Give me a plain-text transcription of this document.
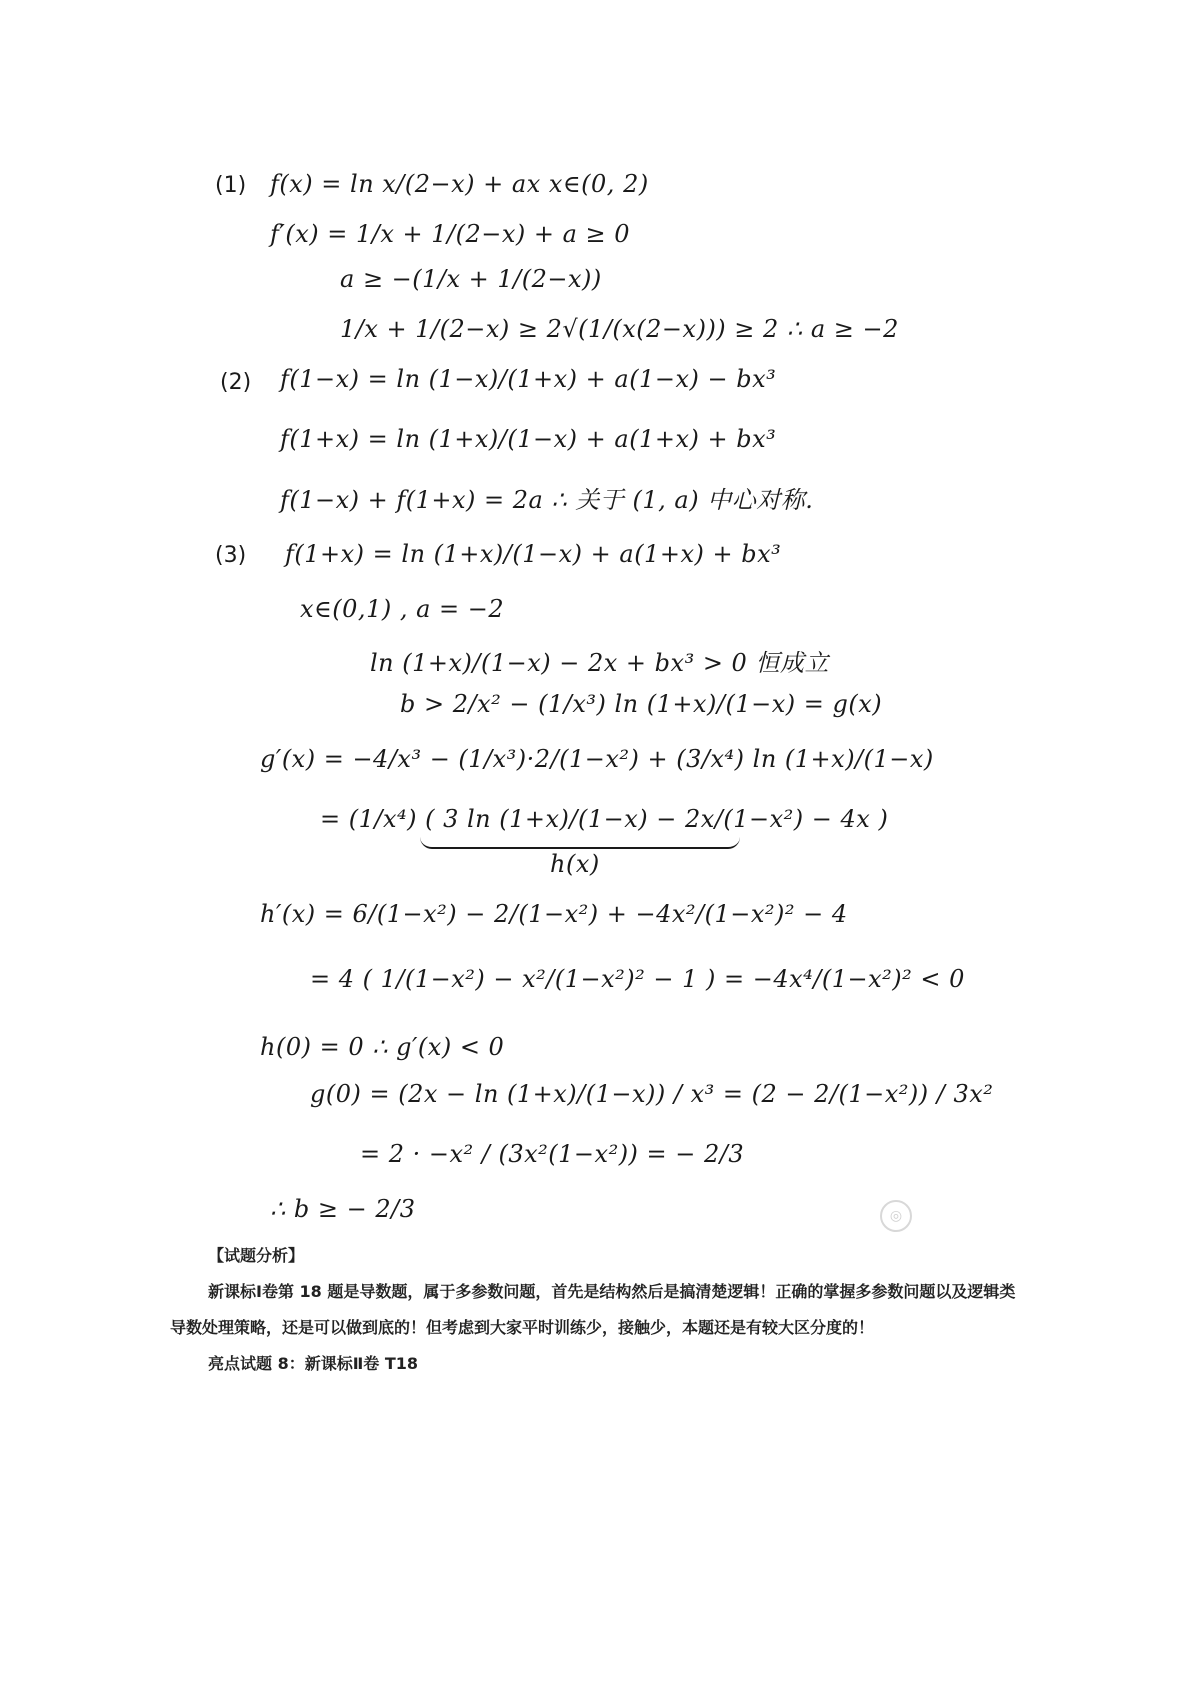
(1) f(x) = ln x/(2−x) + ax x∈(0, 2)
f′(x) = 1/x + 1/(2−x) + a ≥ 0
a ≥ −(1/x + 1/(2−x))
1/x + 1/(2−x) ≥ 2√(1/(x(2−x))) ≥ 2 ∴ a ≥ −2
(2) f(1−x) = ln (1−x)/(1+x) + a(1−x) − bx³
f(1+x) = ln (1+x)/(1−x) + a(1+x) + bx³
f(1−x) + f(1+x) = 2a ∴ 关于 (1, a) 中心对称.
(3) f(1+x) = ln (1+x)/(1−x) + a(1+x) + bx³
x∈(0,1) , a = −2
ln (1+x)/(1−x) − 2x + bx³ > 0 恒成立
b > 2/x² − (1/x³) ln (1+x)/(1−x) = g(x)
g′(x) = −4/x³ − (1/x³)·2/(1−x²) + (3/x⁴) ln (1+x)/(1−x)
= (1/x⁴) ( 3 ln (1+x)/(1−x) − 2x/(1−x²) − 4x )
h(x)
h′(x) = 6/(1−x²) − 2/(1−x²) + −4x²/(1−x²)² − 4
= 4 ( 1/(1−x²) − x²/(1−x²)² − 1 ) = −4x⁴/(1−x²)² < 0
h(0) = 0 ∴ g′(x) < 0
g(0) = (2x − ln (1+x)/(1−x)) / x³ = (2 − 2/(1−x²)) / 3x²
= 2 · −x² / (3x²(1−x²)) = − 2/3
∴ b ≥ − 2/3	◎

【试题分析】

新课标Ⅰ卷第 18 题是导数题，属于多参数问题，首先是结构然后是搞清楚逻辑！正确的掌握多参数问题以及逻辑类导数处理策略，还是可以做到底的！但考虑到大家平时训练少，接触少，本题还是有较大区分度的！

亮点试题 8：新课标Ⅱ卷 T18
